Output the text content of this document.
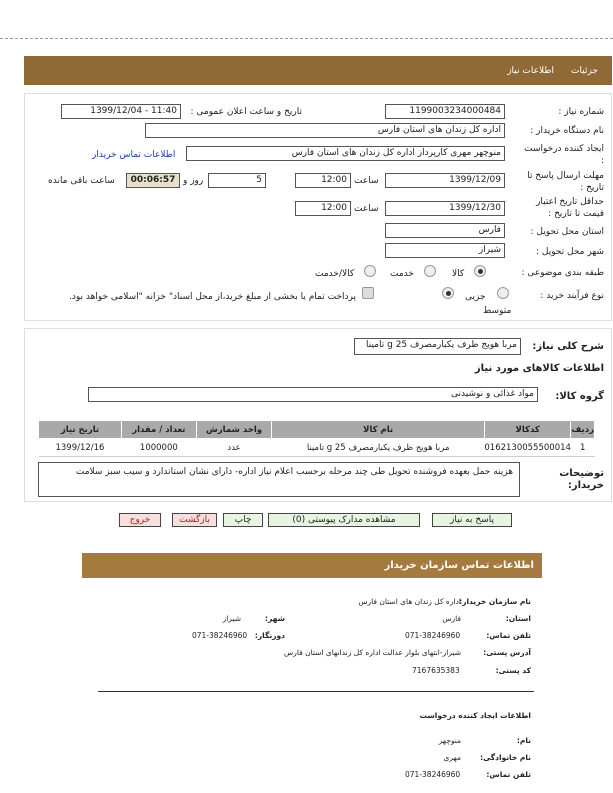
جزئیات
اطلاعات نیاز
شماره نیاز :
1199003234000484
تاریخ و ساعت اعلان عمومی :
1399/12/04 - 11:40
نام دستگاه خریدار :
اداره کل زندان های استان فارس
ایجاد کننده درخواست :
منوچهر مهری کارپرداز اداره کل زندان های استان فارس
اطلاعات تماس خریدار
مهلت ارسال پاسخ تا تاریخ :
1399/12/09
ساعت
12:00
5
روز و
00:06:57
ساعت باقی مانده
حداقل تاریخ اعتبار قیمت تا تاریخ :
1399/12/30
ساعت
12:00
استان محل تحویل :
فارس
شهر محل تحویل :
شیراز
طبقه بندی موضوعی :
کالا
خدمت
کالا/خدمت
نوع فرآیند خرید :
جزیی
متوسط
پرداخت تمام یا بخشی از مبلغ خرید،از محل اسناد" خزانه "اسلامی خواهد بود.
شرح کلی نیاز:
مربا هویج ظرف یکبارمصرف 25 g تامینا
اطلاعات کالاهای مورد نیاز
گروه کالا:
مواد غذائی و نوشیدنی
ردیف	کدکالا	نام کالا	واحد شمارش	تعداد / مقدار	تاریخ نیاز
1	0162130055500014	مربا هویج ظرف یکبارمصرف 25 g تامینا	عدد	1000000	1399/12/16
توضیحات خریدار:
هزینه حمل بعهده فروشنده تحویل طی چند مرحله برحسب اعلام نیاز اداره- دارای نشان استاندارد و سیب سبز سلامت
پاسخ به نیاز
مشاهده مدارک پیوستی (0)
چاپ
بازگشت
خروج
اطلاعات تماس سازمان خریدار
نام سازمان خریدار:
اداره کل زندان های استان فارس
استان:
فارس
شهر:
شیراز
تلفن تماس:
071-38246960
دورنگار:
071-38246960
آدرس پستی:
شیراز-انتهای بلوار عدالت اداره کل زندانهای استان فارس
کد پستی:
7167635383
اطلاعات ایجاد کننده درخواست
نام:
منوچهر
نام خانوادگی:
مهری
تلفن تماس:
071-38246960
